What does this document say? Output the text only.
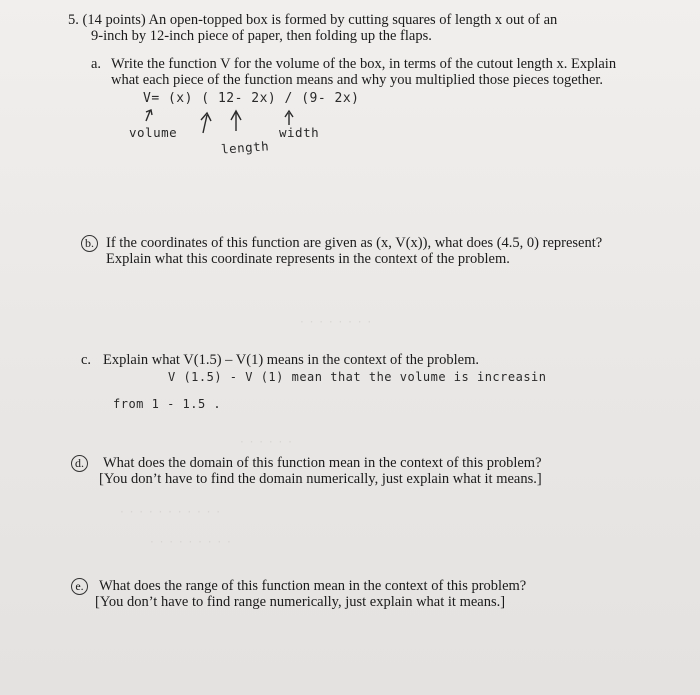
· · · · · · · ·
· · · · · ·
· · · · · · · · · · ·
· · · · · · · · ·
5. (14 points) An open-topped box is formed by cutting squares of length x out of an
9-inch by 12-inch piece of paper, then folding up the flaps.
a. Write the function V for the volume of the box, in terms of the cutout length x. Explain
what each piece of the function means and why you multiplied those pieces together.
V= (x) ( 12- 2x) / (9- 2x)
volume	width
length
b. If the coordinates of this function are given as (x, V(x)), what does (4.5, 0) represent?
Explain what this coordinate represents in the context of the problem.
c. Explain what V(1.5) – V(1) means in the context of the problem.
V (1.5) - V (1) mean that the volume is increasin
from 1 - 1.5 .
d.	What does the domain of this function mean in the context of this problem?
[You don’t have to find the domain numerically, just explain what it means.]
e.	What does the range of this function mean in the context of this problem?
[You don’t have to find range numerically, just explain what it means.]
